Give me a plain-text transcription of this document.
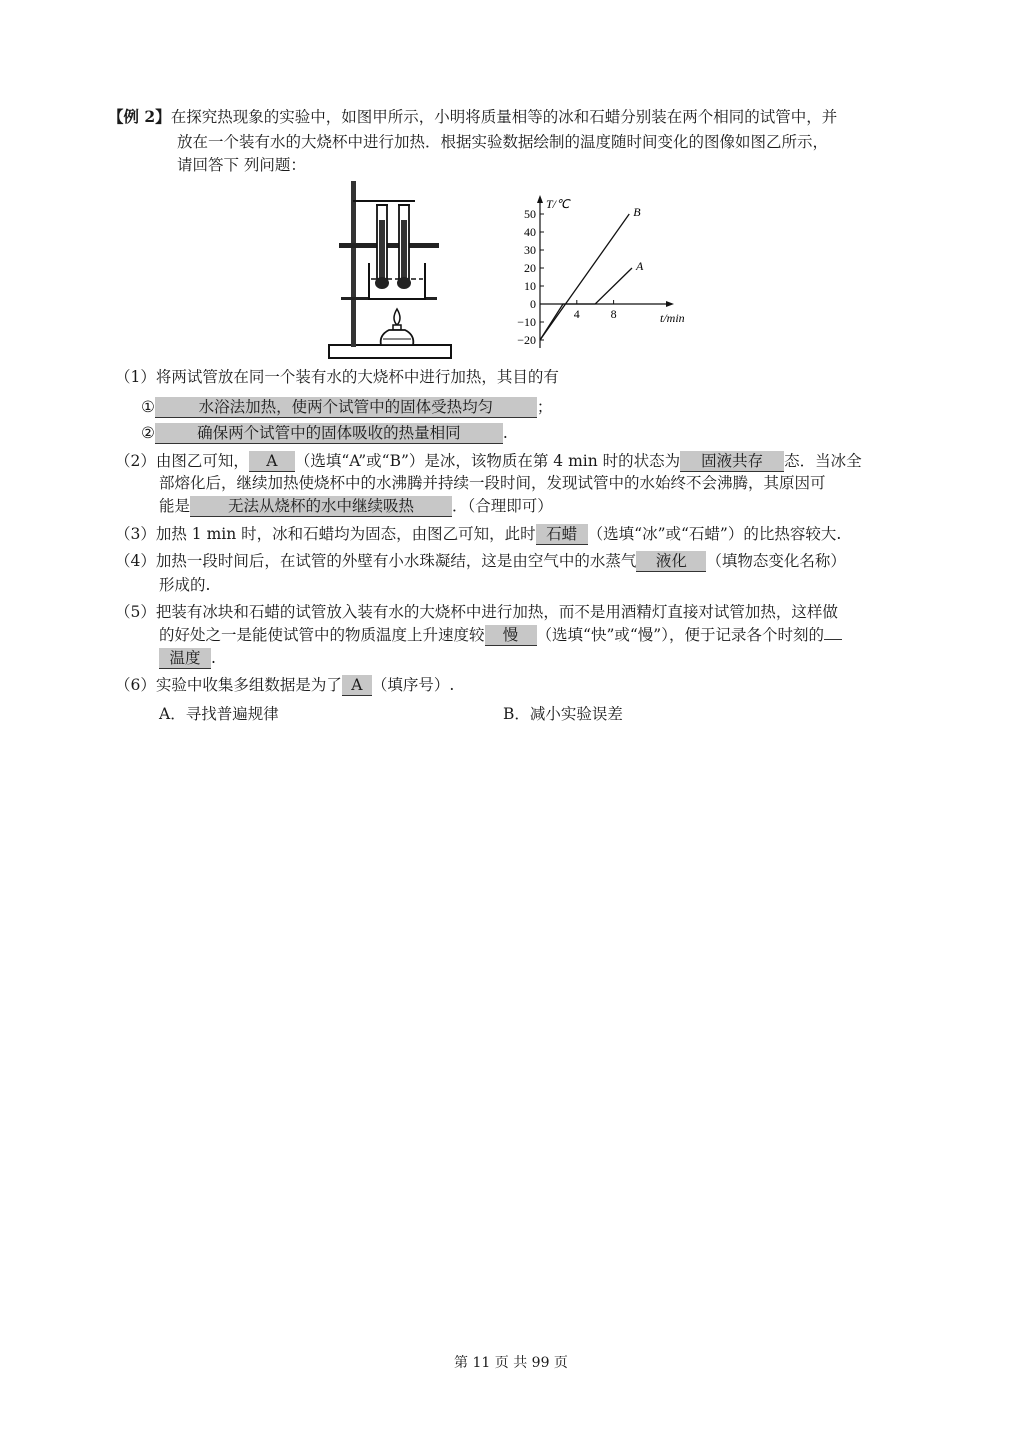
【例 2】在探究热现象的实验中，如图甲所示，小明将质量相等的冰和石蜡分别装在两个相同的试管中，并
放在一个装有水的大烧杯中进行加热．根据实验数据绘制的温度随时间变化的图像如图乙所示，
请回答下 列问题：
T/℃
t/min
50
40
30
20
10
0
−10
−20
4	8
B
A
（1）将两试管放在同一个装有水的大烧杯中进行加热，其目的有
①	水浴法加热，使两个试管中的固体受热均匀	；
②	确保两个试管中的固体吸收的热量相同	.
（2）由图乙可知， A （选填“A”或“B”）是冰，该物质在第 4 min 时的状态为 固液共存 态．当冰全
部熔化后，继续加热使烧杯中的水沸腾并持续一段时间，发现试管中的水始终不会沸腾，其原因可
能是 无法从烧杯的水中继续吸热 ．（合理即可）
（3）加热 1 min 时，冰和石蜡均为固态，由图乙可知，此时 石蜡 （选填“冰”或“石蜡”）的比热容较大.
（4）加热一段时间后，在试管的外壁有小水珠凝结，这是由空气中的水蒸气 液化 （填物态变化名称）
形成的.
（5）把装有冰块和石蜡的试管放入装有水的大烧杯中进行加热，而不是用酒精灯直接对试管加热，这样做
的好处之一是能使试管中的物质温度上升速度较 慢 （选填“快”或“慢”），便于记录各个时刻的
温度 .
（6）实验中收集多组数据是为了 A （填序号）.
A．寻找普遍规律	B．减小实验误差
第 11 页 共 99 页
